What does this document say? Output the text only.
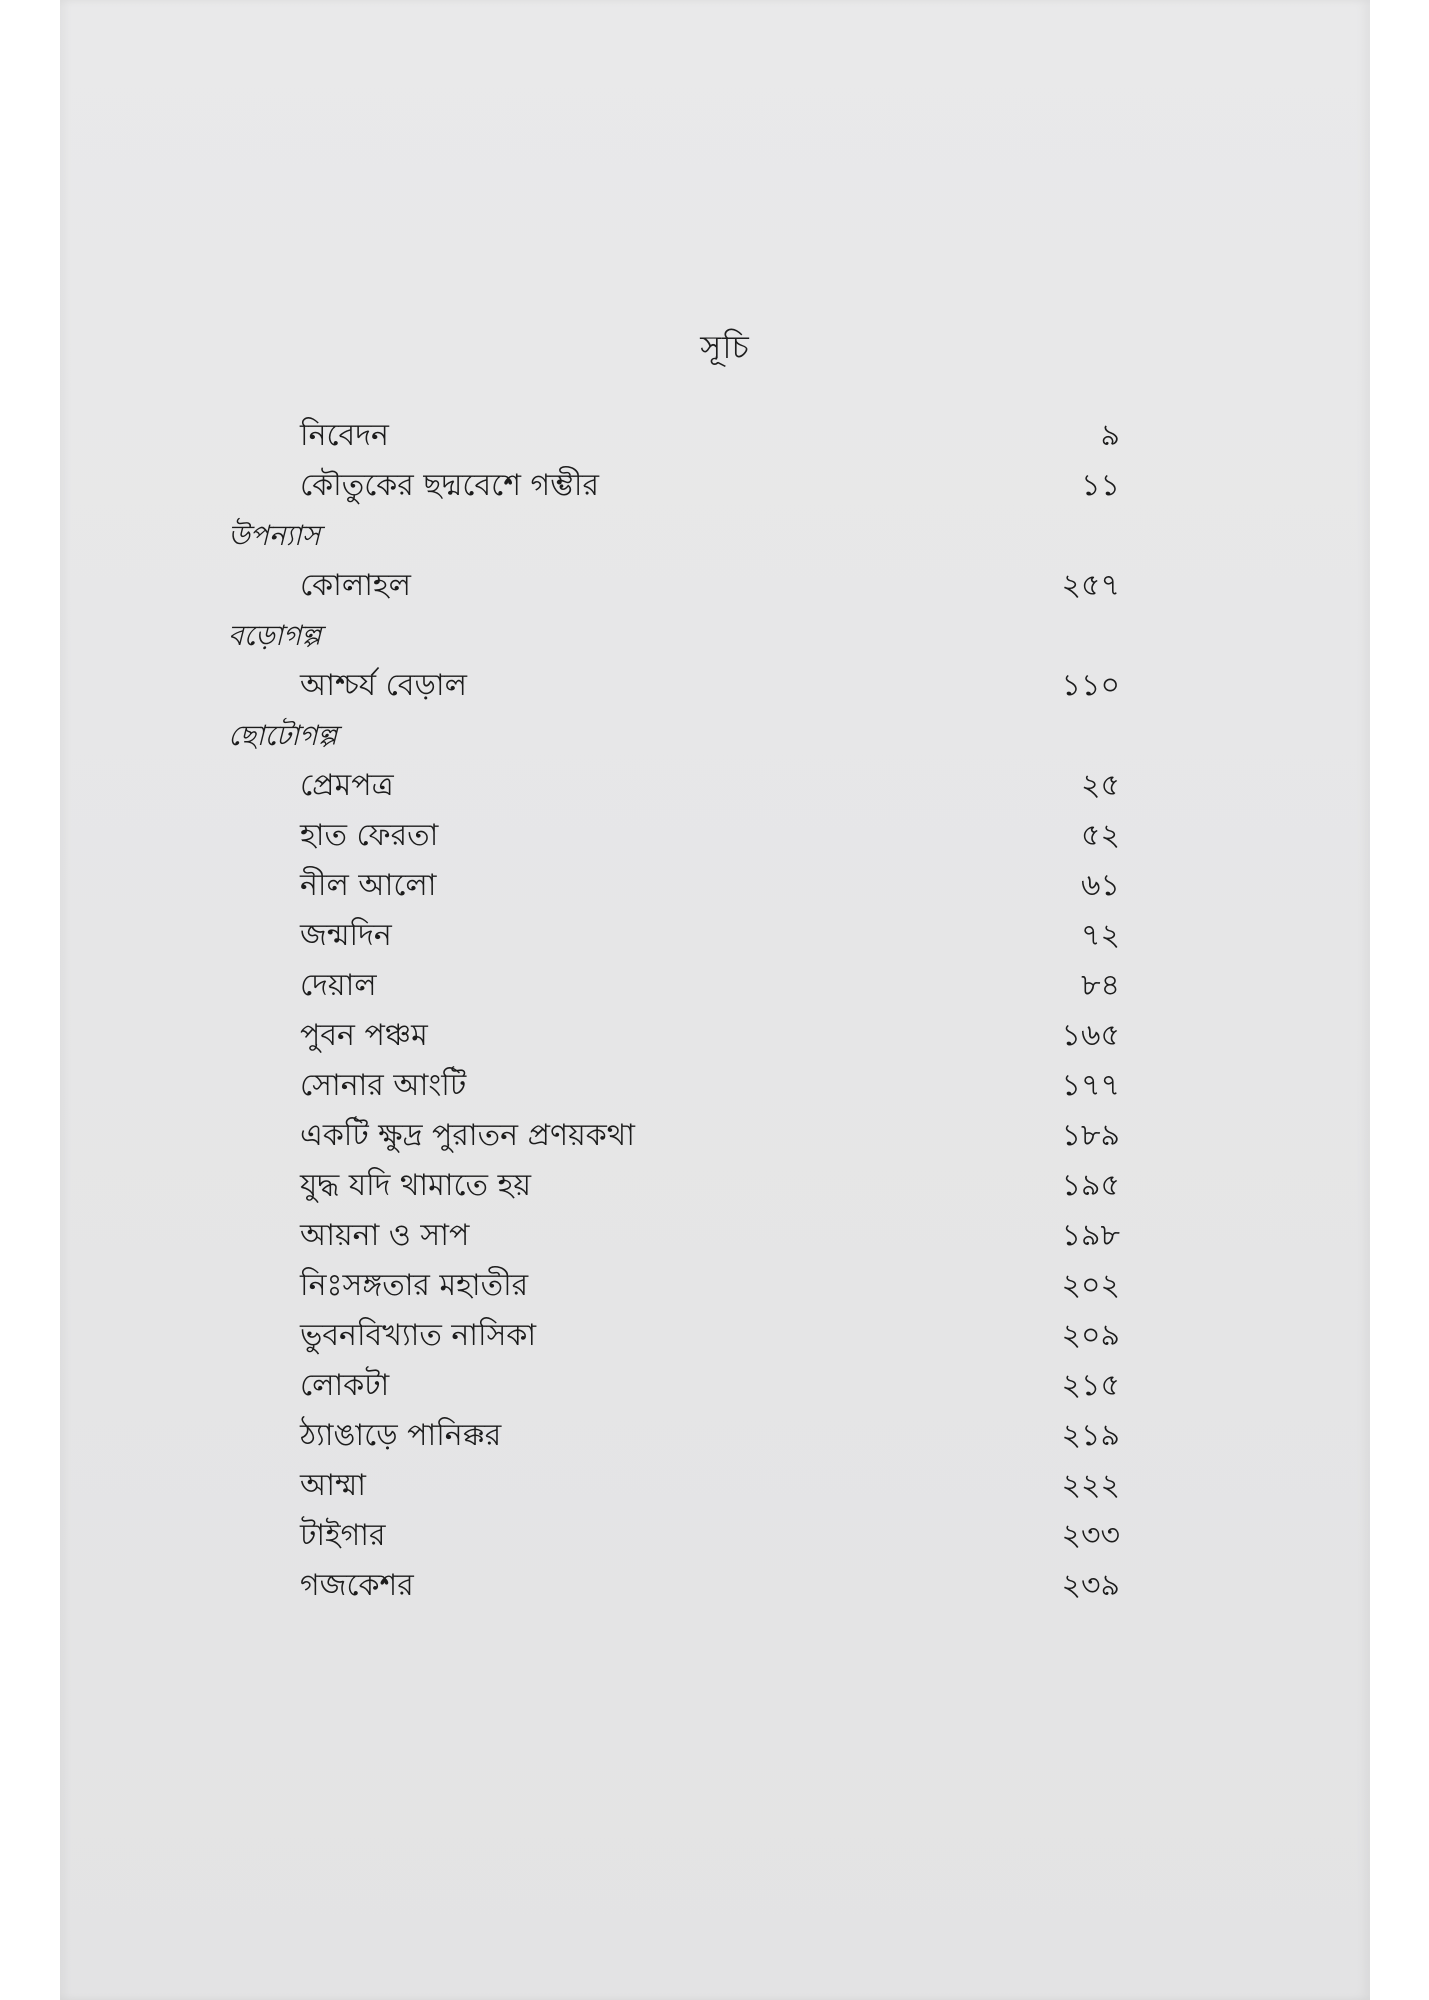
সূচি
নিবেদন	৯
কৌতুকের ছদ্মবেশে গম্ভীর	১১
উপন্যাস
কোলাহল	২৫৭
বড়োগল্প
আশ্চর্য বেড়াল	১১০
ছোটোগল্প
প্রেমপত্র	২৫
হাত ফেরতা	৫২
নীল আলো	৬১
জন্মদিন	৭২
দেয়াল	৮৪
পুবন পঞ্চম	১৬৫
সোনার আংটি	১৭৭
একটি ক্ষুদ্র পুরাতন প্রণয়কথা	১৮৯
যুদ্ধ যদি থামাতে হয়	১৯৫
আয়না ও সাপ	১৯৮
নিঃসঙ্গতার মহাতীর	২০২
ভুবনবিখ্যাত নাসিকা	২০৯
লোকটা	২১৫
ঠ্যাঙাড়ে পানিক্কর	২১৯
আম্মা	২২২
টাইগার	২৩৩
গজকেশর	২৩৯
